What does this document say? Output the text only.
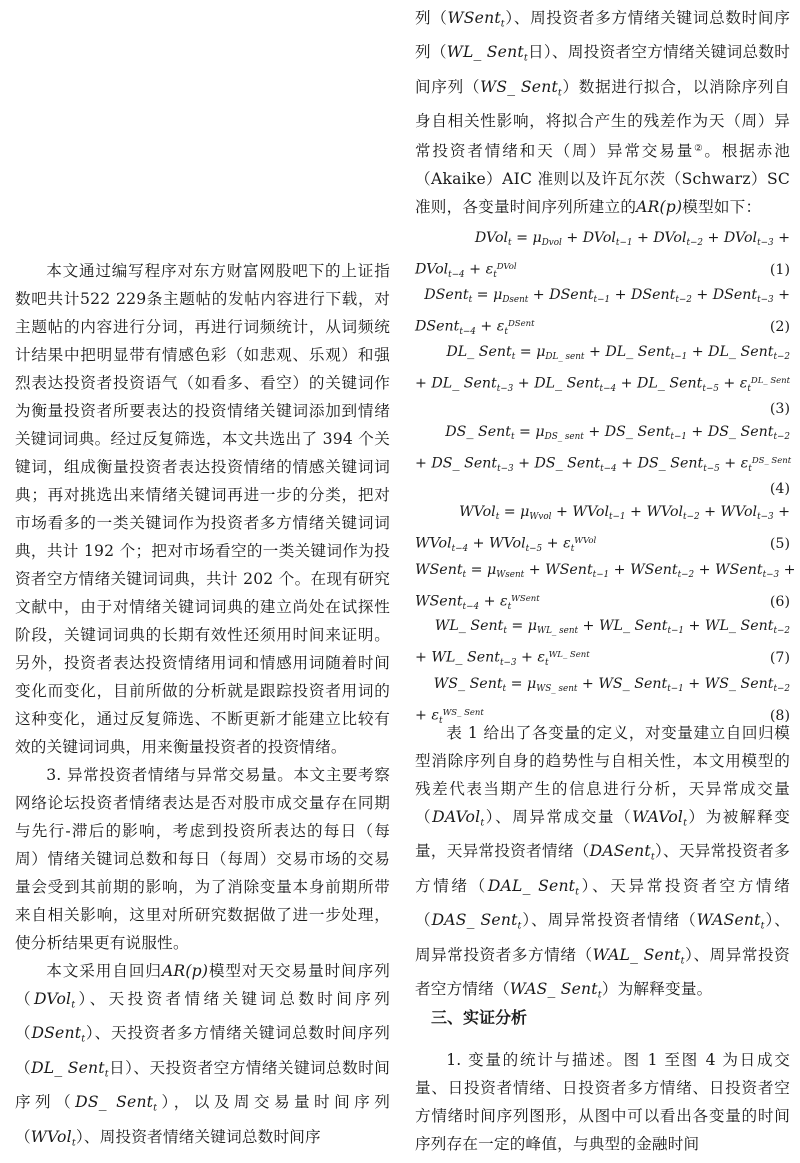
本文通过编写程序对东方财富网股吧下的上证指数吧共计522 229条主题帖的发帖内容进行下载，对主题帖的内容进行分词，再进行词频统计，从词频统计结果中把明显带有情感色彩（如悲观、乐观）和强烈表达投资者投资语气（如看多、看空）的关键词作为衡量投资者所要表达的投资情绪关键词添加到情绪关键词词典。经过反复筛选，本文共选出了 394 个关键词，组成衡量投资者表达投资情绪的情感关键词词典；再对挑选出来情绪关键词再进一步的分类，把对市场看多的一类关键词作为投资者多方情绪关键词词典，共计 192 个；把对市场看空的一类关键词作为投资者空方情绪关键词词典，共计 202 个。在现有研究文献中，由于对情绪关键词词典的建立尚处在试探性阶段，关键词词典的长期有效性还须用时间来证明。另外，投资者表达投资情绪用词和情感用词随着时间变化而变化，目前所做的分析就是跟踪投资者用词的这种变化，通过反复筛选、不断更新才能建立比较有效的关键词词典，用来衡量投资者的投资情绪。

3. 异常投资者情绪与异常交易量。本文主要考察网络论坛投资者情绪表达是否对股市成交量存在同期与先行-滞后的影响，考虑到投资所表达的每日（每周）情绪关键词总数和每日（每周）交易市场的交易量会受到其前期的影响，为了消除变量本身前期所带来自相关影响，这里对所研究数据做了进一步处理，使分析结果更有说服性。

本文采用自回归AR(p)模型对天交易量时间序列（DVol$_t$）、天投资者情绪关键词总数时间序列（DSent$_t$）、天投资者多方情绪关键词总数时间序列（DL_ Sent$_t$日）、天投资者空方情绪关键词总数时间序列（DS_ Sent$_t$），以及周交易量时间序列（WVol$_t$）、周投资者情绪关键词总数时间序

列（WSent$_t$）、周投资者多方情绪关键词总数时间序列（WL_ Sent$_t$日）、周投资者空方情绪关键词总数时间序列（WS_ Sent$_t$）数据进行拟合，以消除序列自身自相关性影响，将拟合产生的残差作为天（周）异常投资者情绪和天（周）异常交易量②。根据赤池（Akaike）AIC 准则以及许瓦尔茨（Schwarz）SC 准则，各变量时间序列所建立的AR(p)模型如下：

DVol$_t$ = $\mu_{Dvol}$ + DVol$_{t-1}$ + DVol$_{t-2}$ + DVol$_{t-3}$ +
DVol$_{t-4}$ + $\varepsilon_t^{DVol}$	(1)
DSent$_t$ = $\mu_{Dsent}$ + DSent$_{t-1}$ + DSent$_{t-2}$ + DSent$_{t-3}$ +
DSent$_{t-4}$ + $\varepsilon_t^{DSent}$	(2)
DL_ Sent$_t$ = $\mu_{DL\_ sent}$ + DL_ Sent$_{t-1}$ + DL_ Sent$_{t-2}$
+ DL_ Sent$_{t-3}$ + DL_ Sent$_{t-4}$ + DL_ Sent$_{t-5}$ + $\varepsilon_t^{DL\_ Sent}$
(3)
DS_ Sent$_t$ = $\mu_{DS\_ sent}$ + DS_ Sent$_{t-1}$ + DS_ Sent$_{t-2}$
+ DS_ Sent$_{t-3}$ + DS_ Sent$_{t-4}$ + DS_ Sent$_{t-5}$ + $\varepsilon_t^{DS\_ Sent}$
(4)
WVol$_t$ = $\mu_{Wvol}$ + WVol$_{t-1}$ + WVol$_{t-2}$ + WVol$_{t-3}$ +
WVol$_{t-4}$ + WVol$_{t-5}$ + $\varepsilon_t^{WVol}$	(5)
WSent$_t$ = $\mu_{Wsent}$ + WSent$_{t-1}$ + WSent$_{t-2}$ + WSent$_{t-3}$ +
WSent$_{t-4}$ + $\varepsilon_t^{WSent}$	(6)
WL_ Sent$_t$ = $\mu_{WL\_ sent}$ + WL_ Sent$_{t-1}$ + WL_ Sent$_{t-2}$
+ WL_ Sent$_{t-3}$ + $\varepsilon_t^{WL\_ Sent}$	(7)
WS_ Sent$_t$ = $\mu_{WS\_ sent}$ + WS_ Sent$_{t-1}$ + WS_ Sent$_{t-2}$
+ $\varepsilon_t^{WS\_ Sent}$	(8)

表 1 给出了各变量的定义，对变量建立自回归模型消除序列自身的趋势性与自相关性，本文用模型的残差代表当期产生的信息进行分析，天异常成交量（DAVol$_t$）、周异常成交量（WAVol$_t$）为被解释变量，天异常投资者情绪（DASent$_t$）、天异常投资者多方情绪（DAL_ Sent$_t$）、天异常投资者空方情绪（DAS_ Sent$_t$）、周异常投资者情绪（WASent$_t$）、周异常投资者多方情绪（WAL_ Sent$_t$）、周异常投资者空方情绪（WAS_ Sent$_t$）为解释变量。

三、实证分析

1. 变量的统计与描述。图 1 至图 4 为日成交量、日投资者情绪、日投资者多方情绪、日投资者空方情绪时间序列图形，从图中可以看出各变量的时间序列存在一定的峰值，与典型的金融时间
